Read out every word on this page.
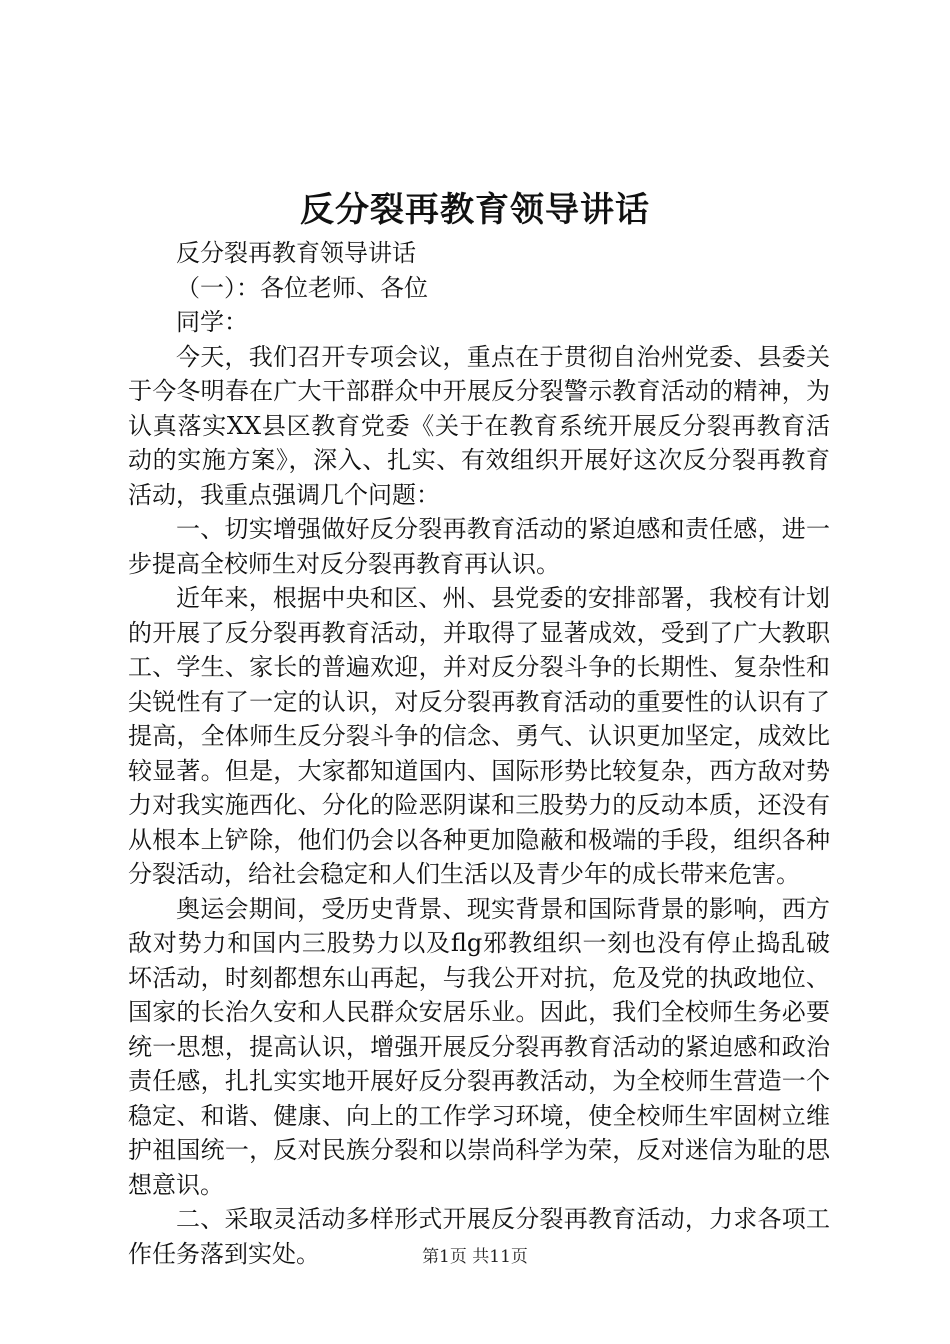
反分裂再教育领导讲话

反分裂再教育领导讲话

（一）：各位老师、各位

同学：

今天，我们召开专项会议，重点在于贯彻自治州党委、县委关于今冬明春在广大干部群众中开展反分裂警示教育活动的精神，为认真落实XX县区教育党委《关于在教育系统开展反分裂再教育活动的实施方案》，深入、扎实、有效组织开展好这次反分裂再教育活动，我重点强调几个问题：

一、切实增强做好反分裂再教育活动的紧迫感和责任感，进一步提高全校师生对反分裂再教育再认识。

近年来，根据中央和区、州、县党委的安排部署，我校有计划的开展了反分裂再教育活动，并取得了显著成效，受到了广大教职工、学生、家长的普遍欢迎，并对反分裂斗争的长期性、复杂性和尖锐性有了一定的认识，对反分裂再教育活动的重要性的认识有了提高，全体师生反分裂斗争的信念、勇气、认识更加坚定，成效比较显著。但是，大家都知道国内、国际形势比较复杂，西方敌对势力对我实施西化、分化的险恶阴谋和三股势力的反动本质，还没有从根本上铲除，他们仍会以各种更加隐蔽和极端的手段，组织各种分裂活动，给社会稳定和人们生活以及青少年的成长带来危害。

奥运会期间，受历史背景、现实背景和国际背景的影响，西方敌对势力和国内三股势力以及flg邪教组织一刻也没有停止捣乱破坏活动，时刻都想东山再起，与我公开对抗，危及党的执政地位、国家的长治久安和人民群众安居乐业。因此，我们全校师生务必要统一思想，提高认识，增强开展反分裂再教育活动的紧迫感和政治责任感，扎扎实实地开展好反分裂再教活动，为全校师生营造一个稳定、和谐、健康、向上的工作学习环境，使全校师生牢固树立维护祖国统一，反对民族分裂和以崇尚科学为荣，反对迷信为耻的思想意识。

二、采取灵活动多样形式开展反分裂再教育活动，力求各项工作任务落到实处。	第1页 共11页
